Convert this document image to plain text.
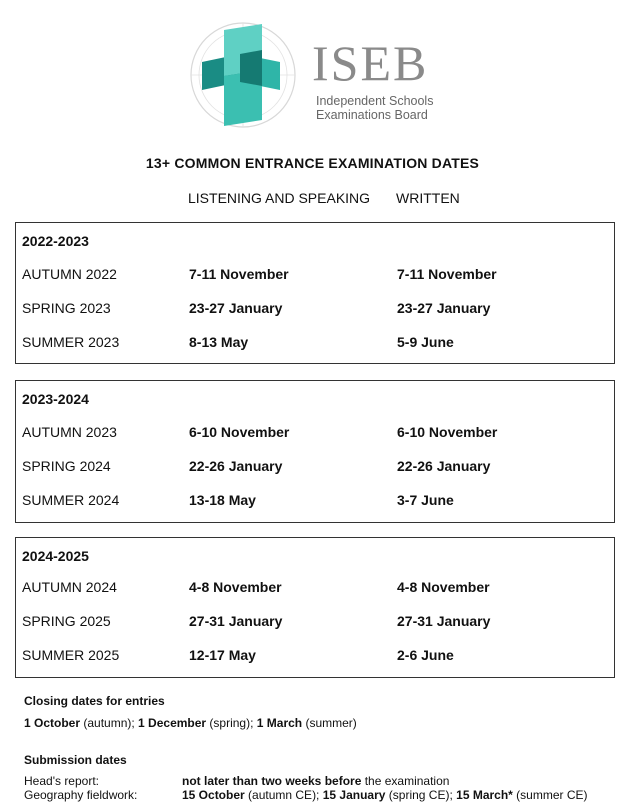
ISEB
Independent Schools
Examinations Board
13+ COMMON ENTRANCE EXAMINATION DATES
LISTENING AND SPEAKING WRITTEN
2022-2023
AUTUMN 2022	7-11 November	7-11 November
SPRING 2023	23-27 January	23-27 January
SUMMER 2023	8-13 May	5-9 June
2023-2024
AUTUMN 2023	6-10 November	6-10 November
SPRING 2024	22-26 January	22-26 January
SUMMER 2024	13-18 May	3-7 June
2024-2025
AUTUMN 2024	4-8 November	4-8 November
SPRING 2025	27-31 January	27-31 January
SUMMER 2025	12-17 May	2-6 June
Closing dates for entries
1 October (autumn); 1 December (spring); 1 March (summer)
Submission dates
Head's report:	not later than two weeks before the examination
Geography fieldwork:	15 October (autumn CE); 15 January (spring CE); 15 March* (summer CE)
